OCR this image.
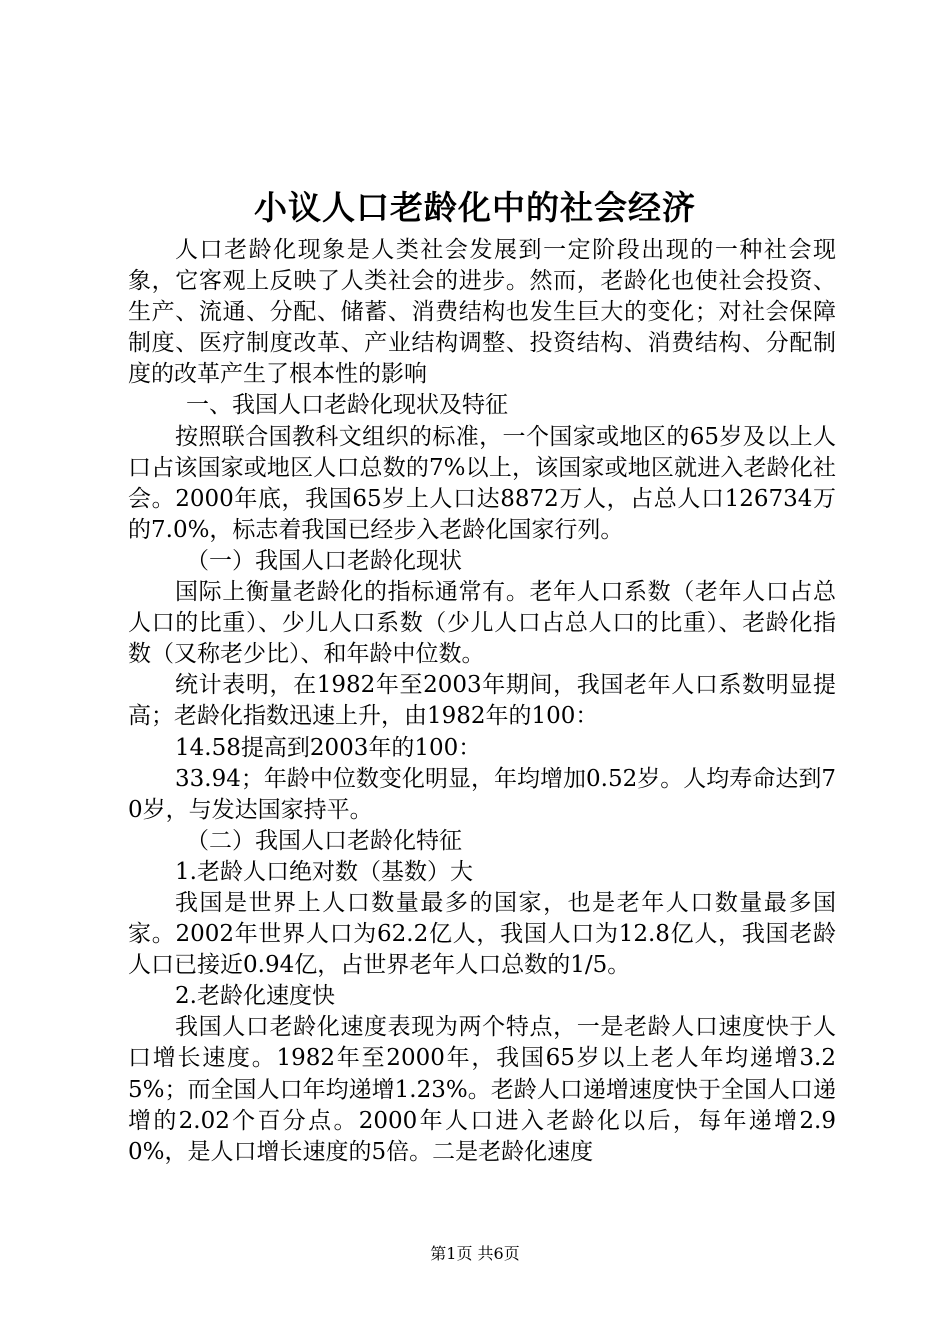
小议人口老龄化中的社会经济

人口老龄化现象是人类社会发展到一定阶段出现的一种社会现象，它客观上反映了人类社会的进步。然而，老龄化也使社会投资、生产、流通、分配、储蓄、消费结构也发生巨大的变化；对社会保障制度、医疗制度改革、产业结构调整、投资结构、消费结构、分配制度的改革产生了根本性的影响

一、我国人口老龄化现状及特征

按照联合国教科文组织的标准，一个国家或地区的65岁及以上人口占该国家或地区人口总数的7%以上，该国家或地区就进入老龄化社会。2000年底，我国65岁上人口达8872万人，占总人口126734万的7.0%，标志着我国已经步入老龄化国家行列。

（一）我国人口老龄化现状

国际上衡量老龄化的指标通常有。老年人口系数（老年人口占总人口的比重）、少儿人口系数（少儿人口占总人口的比重）、老龄化指数（又称老少比）、和年龄中位数。

统计表明，在1982年至2003年期间，我国老年人口系数明显提高；老龄化指数迅速上升，由1982年的100：

14.58提高到2003年的100：

33.94；年龄中位数变化明显，年均增加0.52岁。人均寿命达到70岁，与发达国家持平。

（二）我国人口老龄化特征

1.老龄人口绝对数（基数）大

我国是世界上人口数量最多的国家，也是老年人口数量最多国家。2002年世界人口为62.2亿人，我国人口为12.8亿人，我国老龄人口已接近0.94亿，占世界老年人口总数的1/5。

2.老龄化速度快

我国人口老龄化速度表现为两个特点，一是老龄人口速度快于人口增长速度。1982年至2000年，我国65岁以上老人年均递增3.25%；而全国人口年均递增1.23%。老龄人口递增速度快于全国人口递增的2.02个百分点。2000年人口进入老龄化以后，每年递增2.90%，是人口增长速度的5倍。二是老龄化速度

第1页 共6页
